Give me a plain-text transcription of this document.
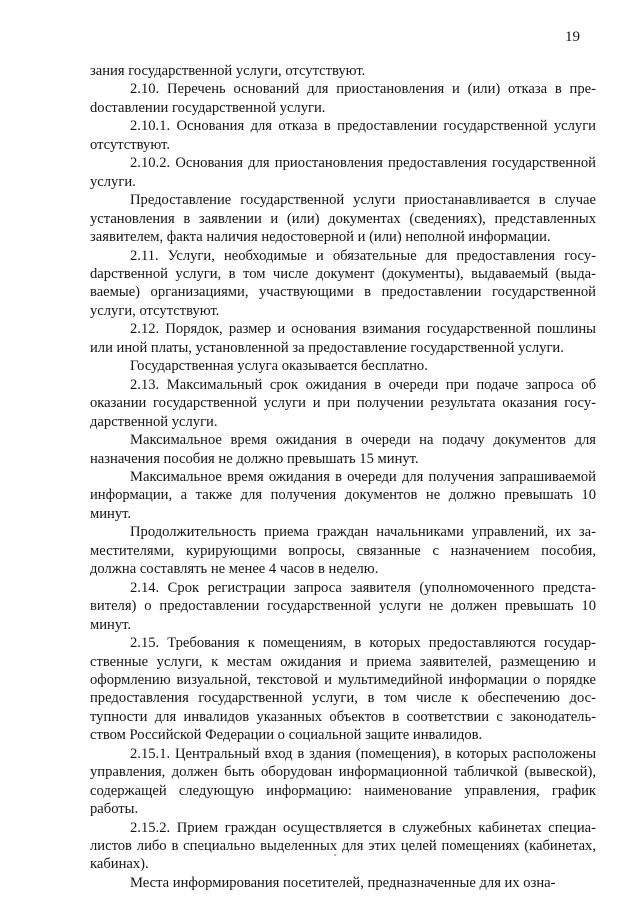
19

зания государственной услуги, отсутствуют.

2.10. Перечень оснований для приостановления и (или) отказа в преdоставлении государственной услуги.

2.10.1. Основания для отказа в предоставлении государственной услуги отсутствуют.

2.10.2. Основания для приостановления предоставления государственной услуги.

Предоставление государственной услуги приостанавливается в случае установления в заявлении и (или) документах (сведениях), представленных заявителем, факта наличия недостоверной и (или) неполной информации.

2.11. Услуги, необходимые и обязательные для предоставления госуdарственной услуги, в том числе документ (документы), выдаваемый (выдаваемые) организациями, участвующими в предоставлении государственной услуги, отсутствуют.

2.12. Порядок, размер и основания взимания государственной пошлины или иной платы, установленной за предоставление государственной услуги.

Государственная услуга оказывается бесплатно.

2.13. Максимальный срок ожидания в очереди при подаче запроса об оказании государственной услуги и при получении результата оказания государственной услуги.

Максимальное время ожидания в очереди на подачу документов для назначения пособия не должно превышать 15 минут.

Максимальное время ожидания в очереди для получения запрашиваемой информации, а также для получения документов не должно превышать 10 минут.

Продолжительность приема граждан начальниками управлений, их заместителями, курирующими вопросы, связанные с назначением пособия, должна составлять не менее 4 часов в неделю.

2.14. Срок регистрации запроса заявителя (уполномоченного представителя) о предоставлении государственной услуги не должен превышать 10 минут.

2.15. Требования к помещениям, в которых предоставляются государственные услуги, к местам ожидания и приема заявителей, размещению и оформлению визуальной, текстовой и мультимедийной информации о порядке предоставления государственной услуги, в том числе к обеспечению доступности для инвалидов указанных объектов в соответствии с законодательством Российской Федерации о социальной защите инвалидов.

2.15.1. Центральный вход в здания (помещения), в которых расположены управления, должен быть оборудован информационной табличкой (вывеской), содержащей следующую информацию: наименование управления, график работы.

2.15.2. Прием граждан осуществляется в служебных кабинетах специалистов либо в специально выделенных для этих целей помещениях (кабинетах, кабинах).

Места информирования посетителей, предназначенные для их озна-
